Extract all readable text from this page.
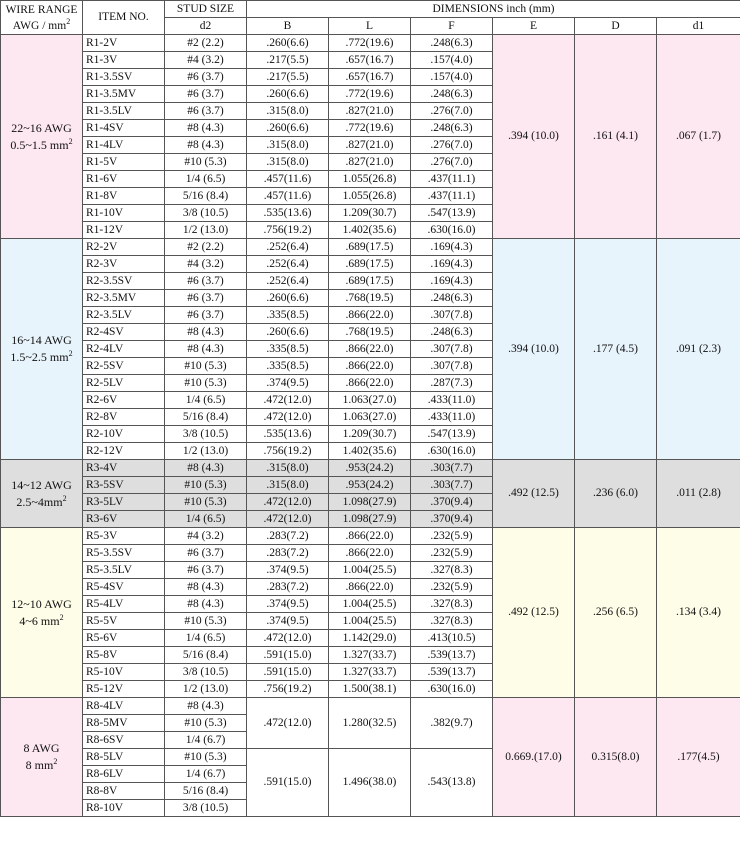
WIRE RANGE
AWG / $mm^2$	ITEM NO.	STUD SIZE	DIMENSIONS inch (mm)					
		d2	B	L	F	E	D	d1

22~16 AWG
0.5~1.5 $mm^2$	R1-2V	#2 (2.2)	.260(6.6)	.772(19.6)	.248(6.3)	.394 (10.0)	.161 (4.1)	.067 (1.7)
	R1-3V	#4 (3.2)	.217(5.5)	.657(16.7)	.157(4.0)			
	R1-3.5SV	#6 (3.7)	.217(5.5)	.657(16.7)	.157(4.0)			
	R1-3.5MV	#6 (3.7)	.260(6.6)	.772(19.6)	.248(6.3)			
	R1-3.5LV	#6 (3.7)	.315(8.0)	.827(21.0)	.276(7.0)			
	R1-4SV	#8 (4.3)	.260(6.6)	.772(19.6)	.248(6.3)			
	R1-4LV	#8 (4.3)	.315(8.0)	.827(21.0)	.276(7.0)			
	R1-5V	#10 (5.3)	.315(8.0)	.827(21.0)	.276(7.0)			
	R1-6V	1/4 (6.5)	.457(11.6)	1.055(26.8)	.437(11.1)			
	R1-8V	5/16 (8.4)	.457(11.6)	1.055(26.8)	.437(11.1)			
	R1-10V	3/8 (10.5)	.535(13.6)	1.209(30.7)	.547(13.9)			
	R1-12V	1/2 (13.0)	.756(19.2)	1.402(35.6)	.630(16.0)			

16~14 AWG
1.5~2.5 $mm^2$	R2-2V	#2 (2.2)	.252(6.4)	.689(17.5)	.169(4.3)	.394 (10.0)	.177 (4.5)	.091 (2.3)
	R2-3V	#4 (3.2)	.252(6.4)	.689(17.5)	.169(4.3)			
	R2-3.5SV	#6 (3.7)	.252(6.4)	.689(17.5)	.169(4.3)			
	R2-3.5MV	#6 (3.7)	.260(6.6)	.768(19.5)	.248(6.3)			
	R2-3.5LV	#6 (3.7)	.335(8.5)	.866(22.0)	.307(7.8)			
	R2-4SV	#8 (4.3)	.260(6.6)	.768(19.5)	.248(6.3)			
	R2-4LV	#8 (4.3)	.335(8.5)	.866(22.0)	.307(7.8)			
	R2-5SV	#10 (5.3)	.335(8.5)	.866(22.0)	.307(7.8)			
	R2-5LV	#10 (5.3)	.374(9.5)	.866(22.0)	.287(7.3)			
	R2-6V	1/4 (6.5)	.472(12.0)	1.063(27.0)	.433(11.0)			
	R2-8V	5/16 (8.4)	.472(12.0)	1.063(27.0)	.433(11.0)			
	R2-10V	3/8 (10.5)	.535(13.6)	1.209(30.7)	.547(13.9)			
	R2-12V	1/2 (13.0)	.756(19.2)	1.402(35.6)	.630(16.0)			

14~12 AWG
$2.5\sim 4mm^2$	R3-4V	#8 (4.3)	.315(8.0)	.953(24.2)	.303(7.7)	.492 (12.5)	.236 (6.0)	.011 (2.8)
	R3-5SV	#10 (5.3)	.315(8.0)	.953(24.2)	.303(7.7)			
	R3-5LV	#10 (5.3)	.472(12.0)	1.098(27.9)	.370(9.4)			
	R3-6V	1/4 (6.5)	.472(12.0)	1.098(27.9)	.370(9.4)			

12~10 AWG
4~6 $mm^2$	R5-3V	#4 (3.2)	.283(7.2)	.866(22.0)	.232(5.9)	.492 (12.5)	.256 (6.5)	.134 (3.4)
	R5-3.5SV	#6 (3.7)	.283(7.2)	.866(22.0)	.232(5.9)			
	R5-3.5LV	#6 (3.7)	.374(9.5)	1.004(25.5)	.327(8.3)			
	R5-4SV	#8 (4.3)	.283(7.2)	.866(22.0)	.232(5.9)			
	R5-4LV	#8 (4.3)	.374(9.5)	1.004(25.5)	.327(8.3)			
	R5-5V	#10 (5.3)	.374(9.5)	1.004(25.5)	.327(8.3)			
	R5-6V	1/4 (6.5)	.472(12.0)	1.142(29.0)	.413(10.5)			
	R5-8V	5/16 (8.4)	.591(15.0)	1.327(33.7)	.539(13.7)			
	R5-10V	3/8 (10.5)	.591(15.0)	1.327(33.7)	.539(13.7)			
	R5-12V	1/2 (13.0)	.756(19.2)	1.500(38.1)	.630(16.0)			

8 AWG
8 $mm^2$	R8-4LV	#8 (4.3)	.472(12.0)	1.280(32.5)	.382(9.7)	0.669.(17.0)	0.315(8.0)	.177(4.5)
	R8-5MV	#10 (5.3)						
	R8-6SV	1/4 (6.7)						
	R8-5LV	#10 (5.3)	.591(15.0)	1.496(38.0)	.543(13.8)			
	R8-6LV	1/4 (6.7)						
	R8-8V	5/16 (8.4)						
	R8-10V	3/8 (10.5)						
